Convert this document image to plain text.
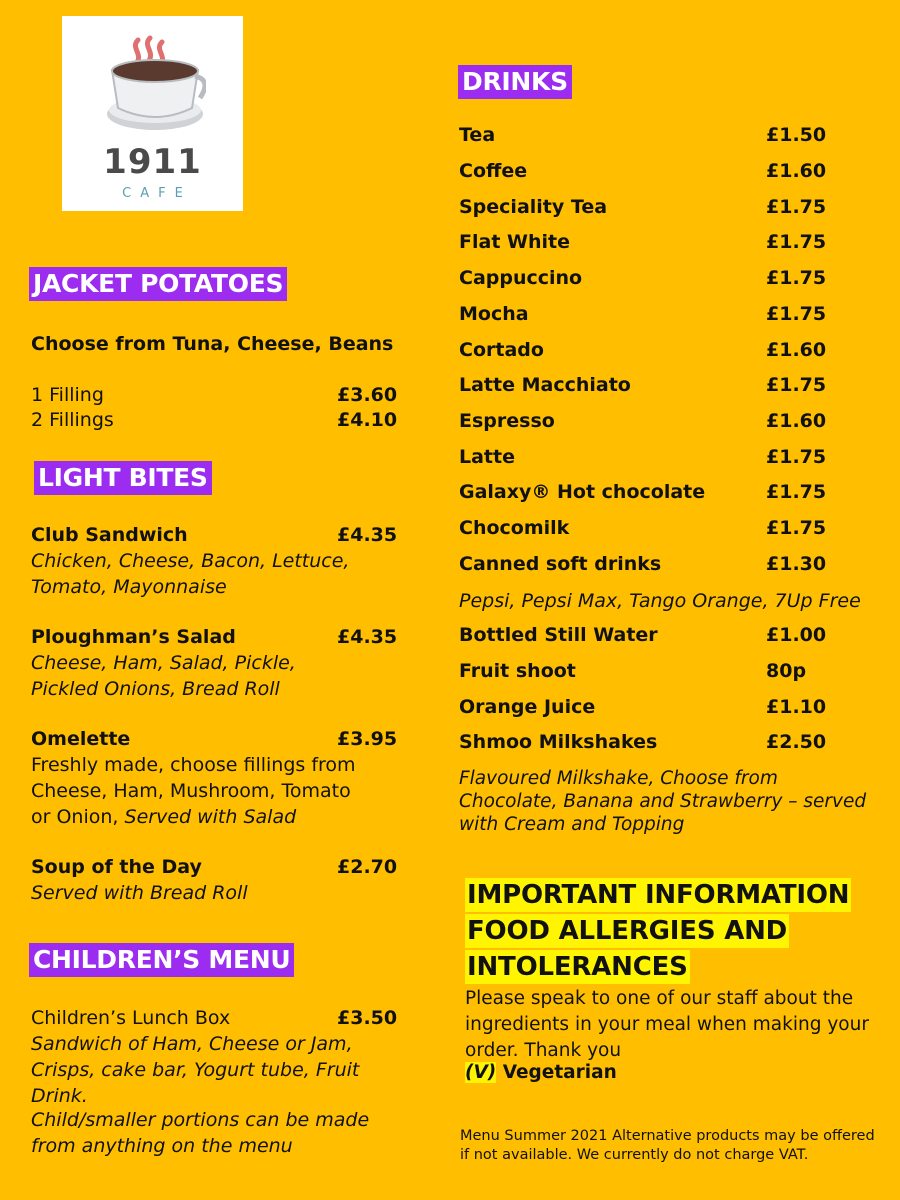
1911
CAFE
JACKET POTATOES
Choose from Tuna, Cheese, Beans
1 Filling	£3.60
2 Fillings	£4.10
LIGHT BITES
Club Sandwich	£4.35
Chicken, Cheese, Bacon, Lettuce, Tomato, Mayonnaise
Ploughman’s Salad	£4.35
Cheese, Ham, Salad, Pickle, Pickled Onions, Bread Roll
Omelette	£3.95
Freshly made, choose fillings from Cheese, Ham, Mushroom, Tomato or Onion, Served with Salad
Soup of the Day	£2.70
Served with Bread Roll
CHILDREN’S MENU
Children’s Lunch Box	£3.50
Sandwich of Ham, Cheese or Jam, Crisps, cake bar, Yogurt tube, Fruit Drink.
Child/smaller portions can be made from anything on the menu
DRINKS
Tea	£1.50
Coffee	£1.60
Speciality Tea	£1.75
Flat White	£1.75
Cappuccino	£1.75
Mocha	£1.75
Cortado	£1.60
Latte Macchiato	£1.75
Espresso	£1.60
Latte	£1.75
Galaxy® Hot chocolate	£1.75
Chocomilk	£1.75
Canned soft drinks	£1.30
Pepsi, Pepsi Max, Tango Orange, 7Up Free
Bottled Still Water	£1.00
Fruit shoot	80p
Orange Juice	£1.10
Shmoo Milkshakes	£2.50
Flavoured Milkshake, Choose from Chocolate, Banana and Strawberry – served with Cream and Topping
IMPORTANT INFORMATION
FOOD ALLERGIES AND
INTOLERANCES
Please speak to one of our staff about the ingredients in your meal when making your order. Thank you
(V) Vegetarian
Menu Summer 2021 Alternative products may be offered if not available. We currently do not charge VAT.
